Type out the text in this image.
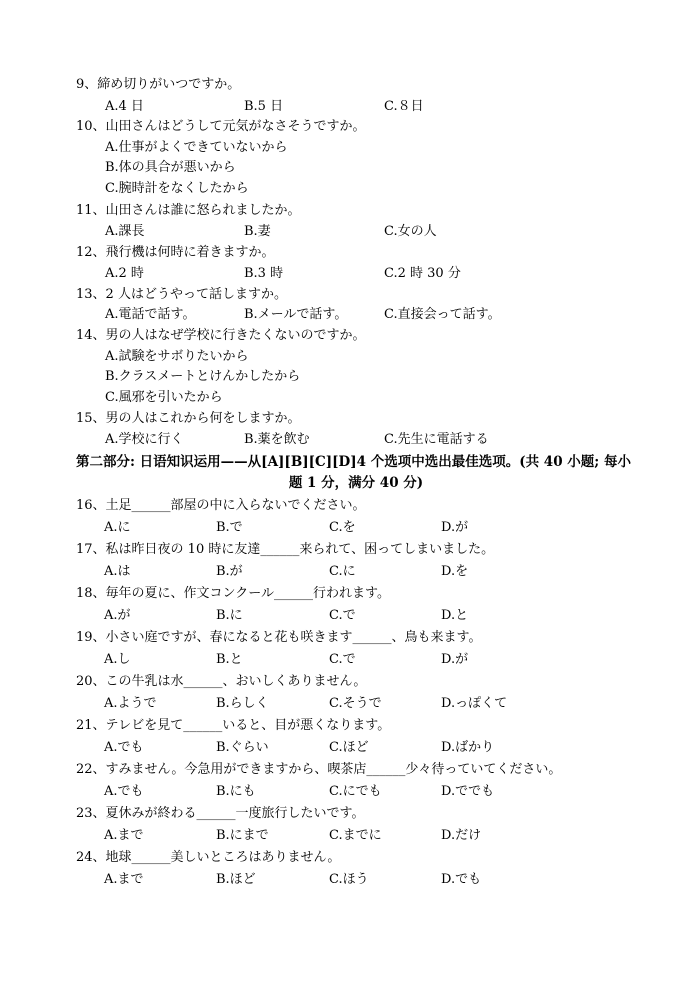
9、締め切りがいつですか。
A.4 日	B.5 日	C.８日
10、山田さんはどうして元気がなさそうですか。
A.仕事がよくできていないから
B.体の具合が悪いから
C.腕時計をなくしたから
11、山田さんは誰に怒られましたか。
A.課長	B.妻	C.女の人
12、飛行機は何時に着きますか。
A.2 時	B.3 時	C.2 時 30 分
13、2 人はどうやって話しますか。
A.電話で話す。	B.メールで話す。	C.直接会って話す。
14、男の人はなぜ学校に行きたくないのですか。
A.試験をサボりたいから
B.クラスメートとけんかしたから
C.風邪を引いたから
15、男の人はこれから何をしますか。
A.学校に行く	B.薬を飲む	C.先生に電話する
第二部分: 日语知识运用——从[A][B][C][D]4 个选项中选出最佳选项。(共 40 小题; 每小
题 1 分，满分 40 分)
16、土足______部屋の中に入らないでください。
A.に	B.で	C.を	D.が
17、私は昨日夜の 10 時に友達______来られて、困ってしまいました。
A.は	B.が	C.に	D.を
18、毎年の夏に、作文コンクール______行われます。
A.が	B.に	C.で	D.と
19、小さい庭ですが、春になると花も咲きます______、鳥も来ます。
A.し	B.と	C.で	D.が
20、この牛乳は水______、おいしくありません。
A.ようで	B.らしく	C.そうで	D.っぽくて
21、テレビを見て______いると、目が悪くなります。
A.でも	B.ぐらい	C.ほど	D.ばかり
22、すみません。今急用ができますから、喫茶店______少々待っていてください。
A.でも	B.にも	C.にでも	D.ででも
23、夏休みが終わる______一度旅行したいです。
A.まで	B.にまで	C.までに	D.だけ
24、地球______美しいところはありません。
A.まで	B.ほど	C.ほう	D.でも
